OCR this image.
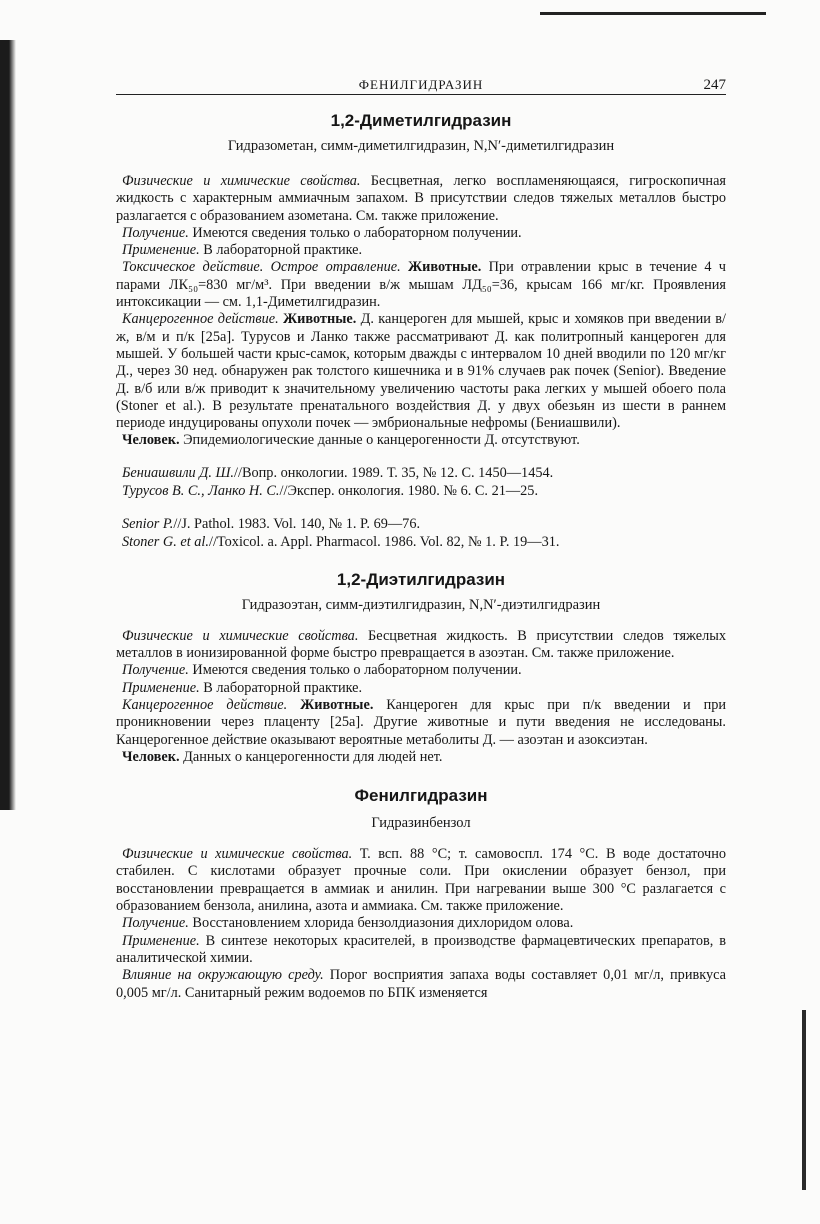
ФЕНИЛГИДРАЗИН	247
1,2-Диметилгидразин
Гидразометан, симм-диметилгидразин, N,N′-диметилгидразин

Физические и химические свойства. Бесцветная, легко воспламеняющаяся, гигроскопичная жидкость с характерным аммиачным запахом. В присутствии следов тяжелых металлов быстро разлагается с образованием азометана. См. также приложение.

Получение. Имеются сведения только о лабораторном получении.

Применение. В лабораторной практике.

Токсическое действие. Острое отравление. Животные. При отравлении крыс в течение 4 ч парами ЛК₅₀=830 мг/м³. При введении в/ж мышам ЛД₅₀=36, крысам 166 мг/кг. Проявления интоксикации — см. 1,1-Диметилгидразин.

Канцерогенное действие. Животные. Д. канцероген для мышей, крыс и хомяков при введении в/ж, в/м и п/к [25а]. Турусов и Ланко также рассматривают Д. как политропный канцероген для мышей. У большей части крыс-самок, которым дважды с интервалом 10 дней вводили по 120 мг/кг Д., через 30 нед. обнаружен рак толстого кишечника и в 91% случаев рак почек (Senior). Введение Д. в/б или в/ж приводит к значительному увеличению частоты рака легких у мышей обоего пола (Stoner et al.). В результате пренатального воздействия Д. у двух обезьян из шести в раннем периоде индуцированы опухоли почек — эмбриональные нефромы (Бениашвили).

Человек. Эпидемиологические данные о канцерогенности Д. отсутствуют.

Бениашвили Д. Ш.//Вопр. онкологии. 1989. Т. 35, № 12. С. 1450—1454.
Турусов В. С., Ланко Н. С.//Экспер. онкология. 1980. № 6. С. 21—25.
Senior P.//J. Pathol. 1983. Vol. 140, № 1. P. 69—76.
Stoner G. et al.//Toxicol. a. Appl. Pharmacol. 1986. Vol. 82, № 1. P. 19—31.
1,2-Диэтилгидразин
Гидразоэтан, симм-диэтилгидразин, N,N′-диэтилгидразин

Физические и химические свойства. Бесцветная жидкость. В присутствии следов тяжелых металлов в ионизированной форме быстро превращается в азоэтан. См. также приложение.

Получение. Имеются сведения только о лабораторном получении.

Применение. В лабораторной практике.

Канцерогенное действие. Животные. Канцероген для крыс при п/к введении и при проникновении через плаценту [25а]. Другие животные и пути введения не исследованы. Канцерогенное действие оказывают вероятные метаболиты Д. — азоэтан и азоксиэтан.

Человек. Данных о канцерогенности для людей нет.

Фенилгидразин
Гидразинбензол

Физические и химические свойства. Т. всп. 88 °С; т. самовоспл. 174 °С. В воде достаточно стабилен. С кислотами образует прочные соли. При окислении образует бензол, при восстановлении превращается в аммиак и анилин. При нагревании выше 300 °С разлагается с образованием бензола, анилина, азота и аммиака. См. также приложение.

Получение. Восстановлением хлорида бензолдиазония дихлоридом олова.

Применение. В синтезе некоторых красителей, в производстве фармацевтических препаратов, в аналитической химии.

Влияние на окружающую среду. Порог восприятия запаха воды составляет 0,01 мг/л, привкуса 0,005 мг/л. Санитарный режим водоемов по БПК изменяется
